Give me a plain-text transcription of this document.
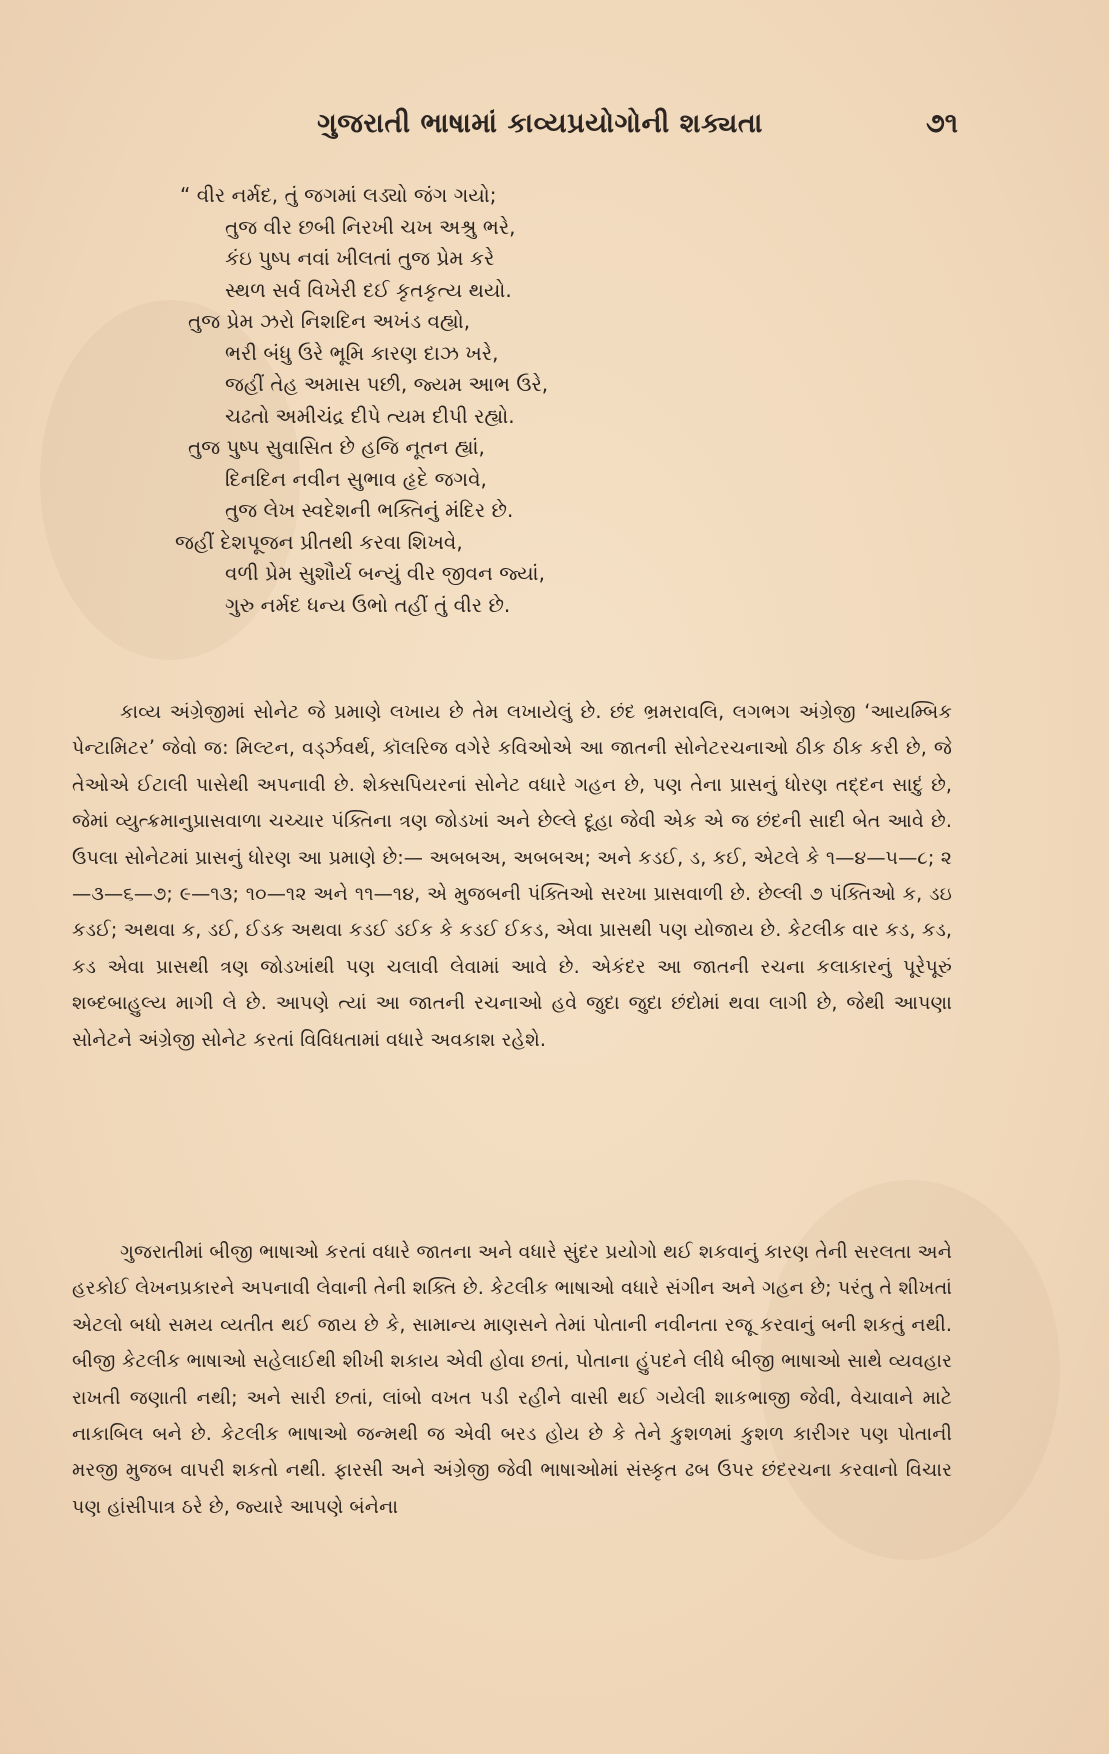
ગુજરાતી ભાષામાં કાવ્યપ્રયોગોની શક્યતા	૭૧
“ વીર નર્મદ, તું જગમાં લડ્યો જંગ ગયો;
તુજ વીર છબી નિરખી ચખ અશ્રુ ભરે,
કંઇ પુષ્પ નવાં ખીલતાં તુજ પ્રેમ કરે
સ્થળ સર્વ વિખેરી દઈ કૃતકૃત્ય થયો.
તુજ પ્રેમ ઝરો નિશદિન અખંડ વહ્યો,
ભરી બંધુ ઉરે ભૂમિ કારણ દાઝ ખરે,
જહીં તેહ અમાસ પછી, જ્યમ આભ ઉરે,
ચઢતો અમીચંદ્ર દીપે ત્યમ દીપી રહ્યો.
તુજ પુષ્પ સુવાસિત છે હજિ નૂતન હ્યાં,
દિનદિન નવીન સુભાવ હૃદે જગવે,
તુજ લેખ સ્વદેશની ભક્તિનું મંદિર છે.
જહીં દેશપૂજન પ્રીતથી કરવા શિખવે,
વળી પ્રેમ સુશૌર્ય બન્યું વીર જીવન જ્યાં,
ગુરુ નર્મદ ધન્ય ઉભો તહીં તું વીર છે.

કાવ્ય અંગ્રેજીમાં સોનેટ જે પ્રમાણે લખાય છે તેમ લખાયેલું છે. છંદ ભ્રમરાવલિ, લગભગ અંગ્રેજી ‘આયમ્બિક પેન્ટામિટર’ જેવો જ: મિલ્ટન, વર્ડ્ઝવર્થ, કૉલરિજ વગેરે કવિઓએ આ જાતની સોનેટરચનાઓ ઠીક ઠીક કરી છે, જે તેઓએ ઈટાલી પાસેથી અપનાવી છે. શેક્સપિયરનાં સોનેટ વધારે ગહન છે, પણ તેના પ્રાસનું ધોરણ તદ્દન સાદું છે, જેમાં વ્યુત્ક્રમાનુપ્રાસવાળા ચચ્ચાર પંક્તિના ત્રણ જોડખાં અને છેલ્લે દૂહા જેવી એક એ જ છંદની સાદી બેત આવે છે. ઉપલા સોનેટમાં પ્રાસનું ધોરણ આ પ્રમાણે છે:— અબબઅ, અબબઅ; અને કડઈ, ડ, કઈ, એટલે કે ૧—૪—૫—૮; ૨—૩—૬—૭; ૯—૧૩; ૧૦—૧૨ અને ૧૧—૧૪, એ મુજબની પંક્તિઓ સરખા પ્રાસવાળી છે. છેલ્લી ૭ પંક્તિઓ ક, ડઇ કડઈ; અથવા ક, ડઈ, ઈડક અથવા કડઈ ડઈક કે કડઈ ઈકડ, એવા પ્રાસથી પણ યોજાય છે. કેટલીક વાર કડ, કડ, કડ એવા પ્રાસથી ત્રણ જોડખાંથી પણ ચલાવી લેવામાં આવે છે. એકંદર આ જાતની રચના કલાકારનું પૂરેપૂરું શબ્દબાહુલ્ય માગી લે છે. આપણે ત્યાં આ જાતની રચનાઓ હવે જુદા જુદા છંદોમાં થવા લાગી છે, જેથી આપણા સોનેટને અંગ્રેજી સોનેટ કરતાં વિવિધતામાં વધારે અવકાશ રહેશે.

ગુજરાતીમાં બીજી ભાષાઓ કરતાં વધારે જાતના અને વધારે સુંદર પ્રયોગો થઈ શકવાનું કારણ તેની સરલતા અને હરકોઈ લેખનપ્રકારને અપનાવી લેવાની તેની શક્તિ છે. કેટલીક ભાષાઓ વધારે સંગીન અને ગહન છે; પરંતુ તે શીખતાં એટલો બધો સમય વ્યતીત થઈ જાય છે કે, સામાન્ય માણસને તેમાં પોતાની નવીનતા રજૂ કરવાનું બની શકતું નથી. બીજી કેટલીક ભાષાઓ સહેલાઈથી શીખી શકાય એવી હોવા છતાં, પોતાના હુંપદને લીધે બીજી ભાષાઓ સાથે વ્યવહાર રાખતી જણાતી નથી; અને સારી છતાં, લાંબો વખત પડી રહીને વાસી થઈ ગયેલી શાકભાજી જેવી, વેચાવાને માટે નાકાબિલ બને છે. કેટલીક ભાષાઓ જન્મથી જ એવી બરડ હોય છે કે તેને કુશળમાં કુશળ કારીગર પણ પોતાની મરજી મુજબ વાપરી શકતો નથી. ફારસી અને અંગ્રેજી જેવી ભાષાઓમાં સંસ્કૃત ઢબ ઉપર છંદરચના કરવાનો વિચાર પણ હાંસીપાત્ર ઠરે છે, જ્યારે આપણે બંનેના
